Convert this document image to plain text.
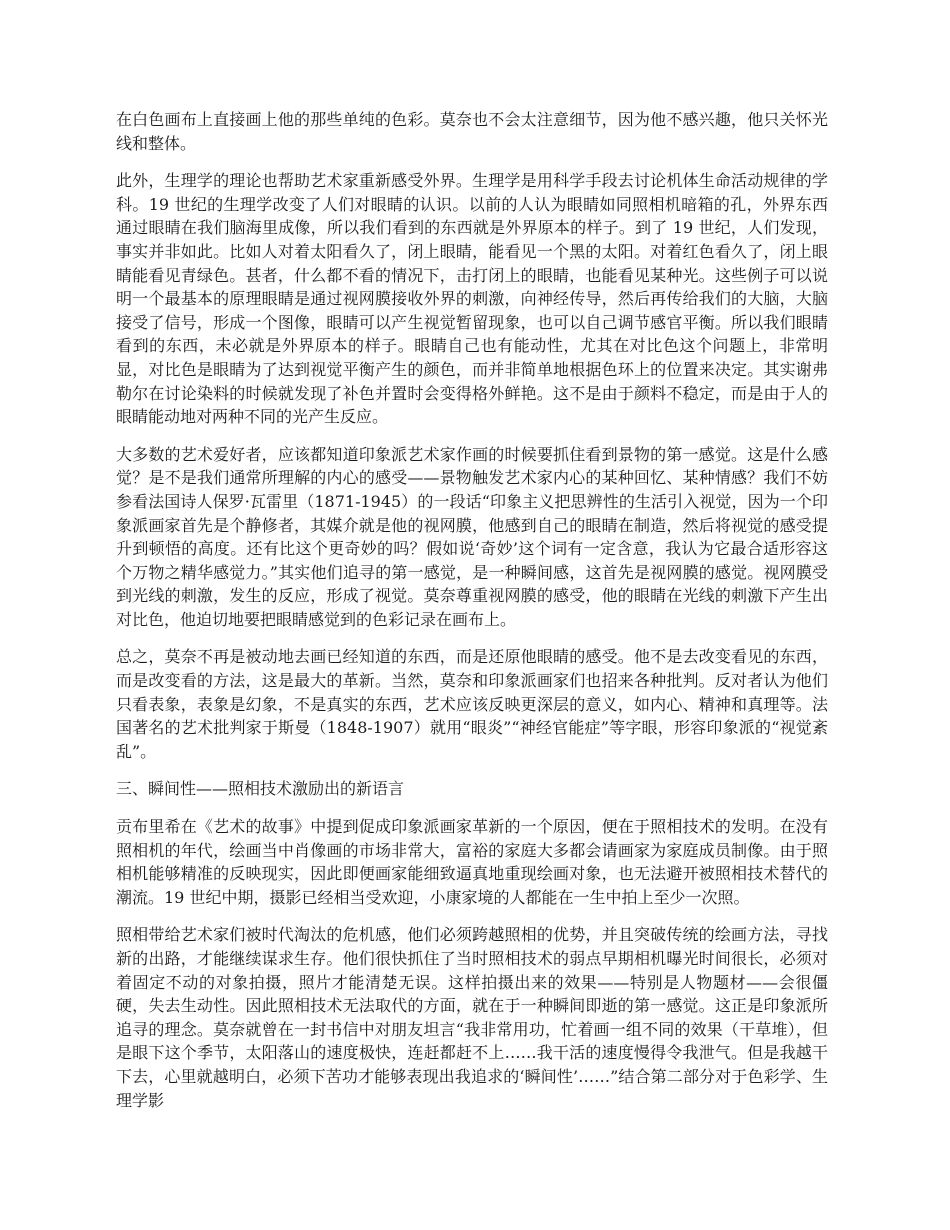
在白色画布上直接画上他的那些单纯的色彩。莫奈也不会太注意细节，因为他不感兴趣，他只关怀光线和整体。

此外，生理学的理论也帮助艺术家重新感受外界。生理学是用科学手段去讨论机体生命活动规律的学科。19 世纪的生理学改变了人们对眼睛的认识。以前的人认为眼睛如同照相机暗箱的孔，外界东西通过眼睛在我们脑海里成像，所以我们看到的东西就是外界原本的样子。到了 19 世纪，人们发现，事实并非如此。比如人对着太阳看久了，闭上眼睛，能看见一个黑的太阳。对着红色看久了，闭上眼睛能看见青绿色。甚者，什么都不看的情况下，击打闭上的眼睛，也能看见某种光。这些例子可以说明一个最基本的原理眼睛是通过视网膜接收外界的刺激，向神经传导，然后再传给我们的大脑，大脑接受了信号，形成一个图像，眼睛可以产生视觉暂留现象，也可以自己调节感官平衡。所以我们眼睛看到的东西，未必就是外界原本的样子。眼睛自己也有能动性，尤其在对比色这个问题上，非常明显，对比色是眼睛为了达到视觉平衡产生的颜色，而并非简单地根据色环上的位置来决定。其实谢弗勒尔在讨论染料的时候就发现了补色并置时会变得格外鲜艳。这不是由于颜料不稳定，而是由于人的眼睛能动地对两种不同的光产生反应。

大多数的艺术爱好者，应该都知道印象派艺术家作画的时候要抓住看到景物的第一感觉。这是什么感觉？是不是我们通常所理解的内心的感受——景物触发艺术家内心的某种回忆、某种情感？我们不妨参看法国诗人保罗·瓦雷里（1871-1945）的一段话“印象主义把思辨性的生活引入视觉，因为一个印象派画家首先是个静修者，其媒介就是他的视网膜，他感到自己的眼睛在制造，然后将视觉的感受提升到顿悟的高度。还有比这个更奇妙的吗？假如说‘奇妙’这个词有一定含意，我认为它最合适形容这个万物之精华感觉力。”其实他们追寻的第一感觉，是一种瞬间感，这首先是视网膜的感觉。视网膜受到光线的刺激，发生的反应，形成了视觉。莫奈尊重视网膜的感受，他的眼睛在光线的刺激下产生出对比色，他迫切地要把眼睛感觉到的色彩记录在画布上。

总之，莫奈不再是被动地去画已经知道的东西，而是还原他眼睛的感受。他不是去改变看见的东西，而是改变看的方法，这是最大的革新。当然，莫奈和印象派画家们也招来各种批判。反对者认为他们只看表象，表象是幻象，不是真实的东西，艺术应该反映更深层的意义，如内心、精神和真理等。法国著名的艺术批判家于斯曼（1848-1907）就用“眼炎”“神经官能症”等字眼，形容印象派的“视觉紊乱”。

三、瞬间性——照相技术激励出的新语言

贡布里希在《艺术的故事》中提到促成印象派画家革新的一个原因，便在于照相技术的发明。在没有照相机的年代，绘画当中肖像画的市场非常大，富裕的家庭大多都会请画家为家庭成员制像。由于照相机能够精准的反映现实，因此即便画家能细致逼真地重现绘画对象，也无法避开被照相技术替代的潮流。19 世纪中期，摄影已经相当受欢迎，小康家境的人都能在一生中拍上至少一次照。

照相带给艺术家们被时代淘汰的危机感，他们必须跨越照相的优势，并且突破传统的绘画方法，寻找新的出路，才能继续谋求生存。他们很快抓住了当时照相技术的弱点早期相机曝光时间很长，必须对着固定不动的对象拍摄，照片才能清楚无误。这样拍摄出来的效果——特别是人物题材——会很僵硬，失去生动性。因此照相技术无法取代的方面，就在于一种瞬间即逝的第一感觉。这正是印象派所追寻的理念。莫奈就曾在一封书信中对朋友坦言“我非常用功，忙着画一组不同的效果（干草堆），但是眼下这个季节，太阳落山的速度极快，连赶都赶不上……我干活的速度慢得令我泄气。但是我越干下去，心里就越明白，必须下苦功才能够表现出我追求的‘瞬间性’……”结合第二部分对于色彩学、生理学影
